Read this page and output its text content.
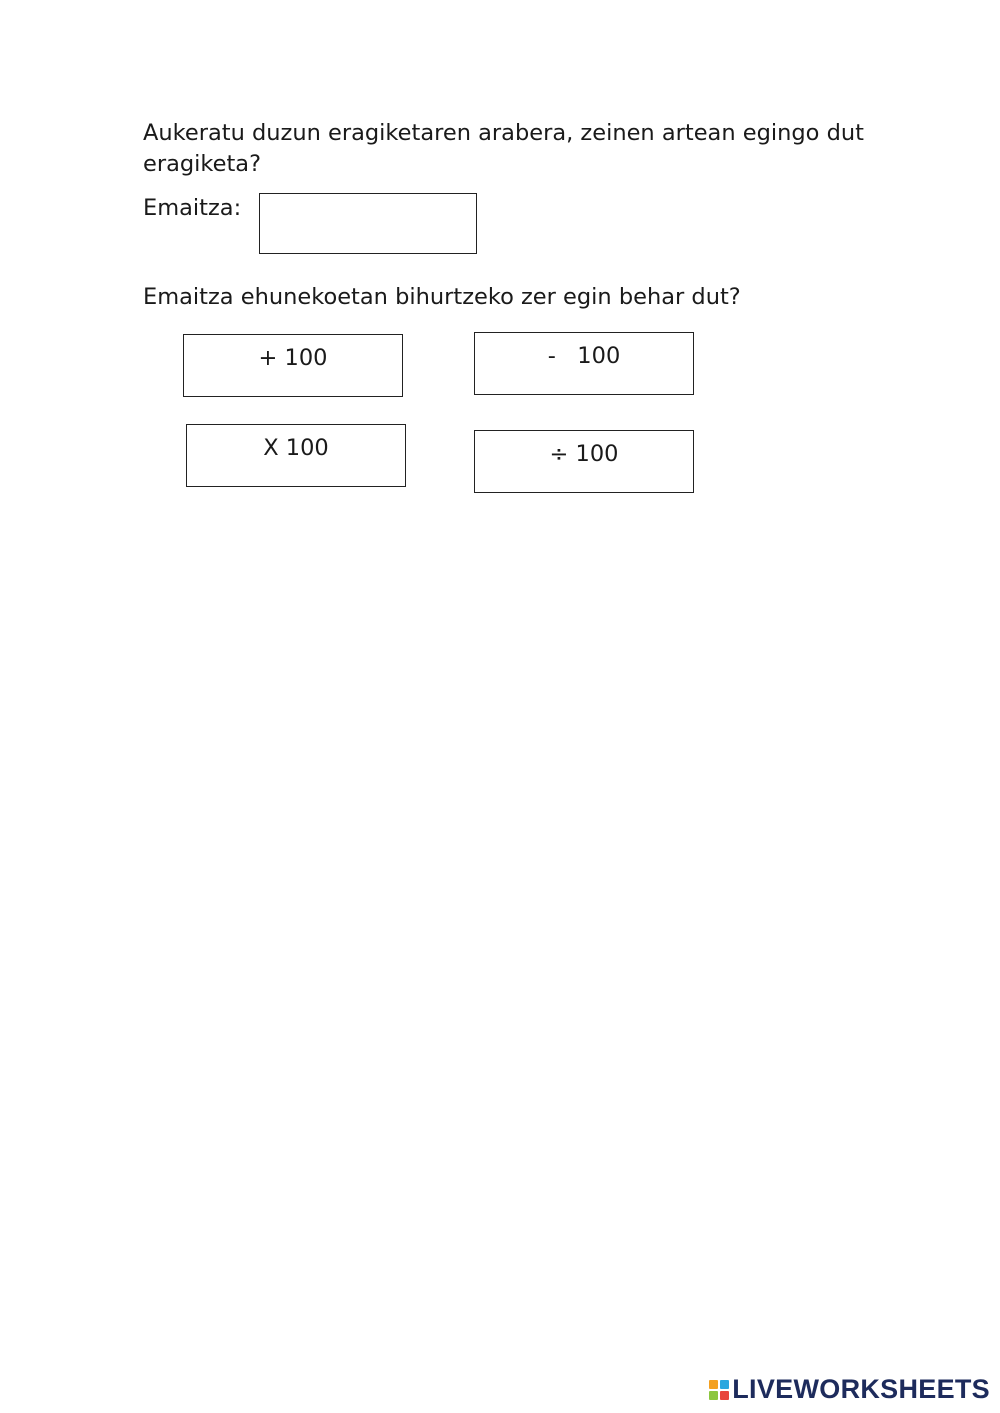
Aukeratu duzun eragiketaren arabera, zeinen artean egingo dut eragiketa?

Emaitza:

Emaitza ehunekoetan bihurtzeko zer egin behar dut?

+ 100	-   100
X 100	÷ 100
LIVEWORKSHEETS
